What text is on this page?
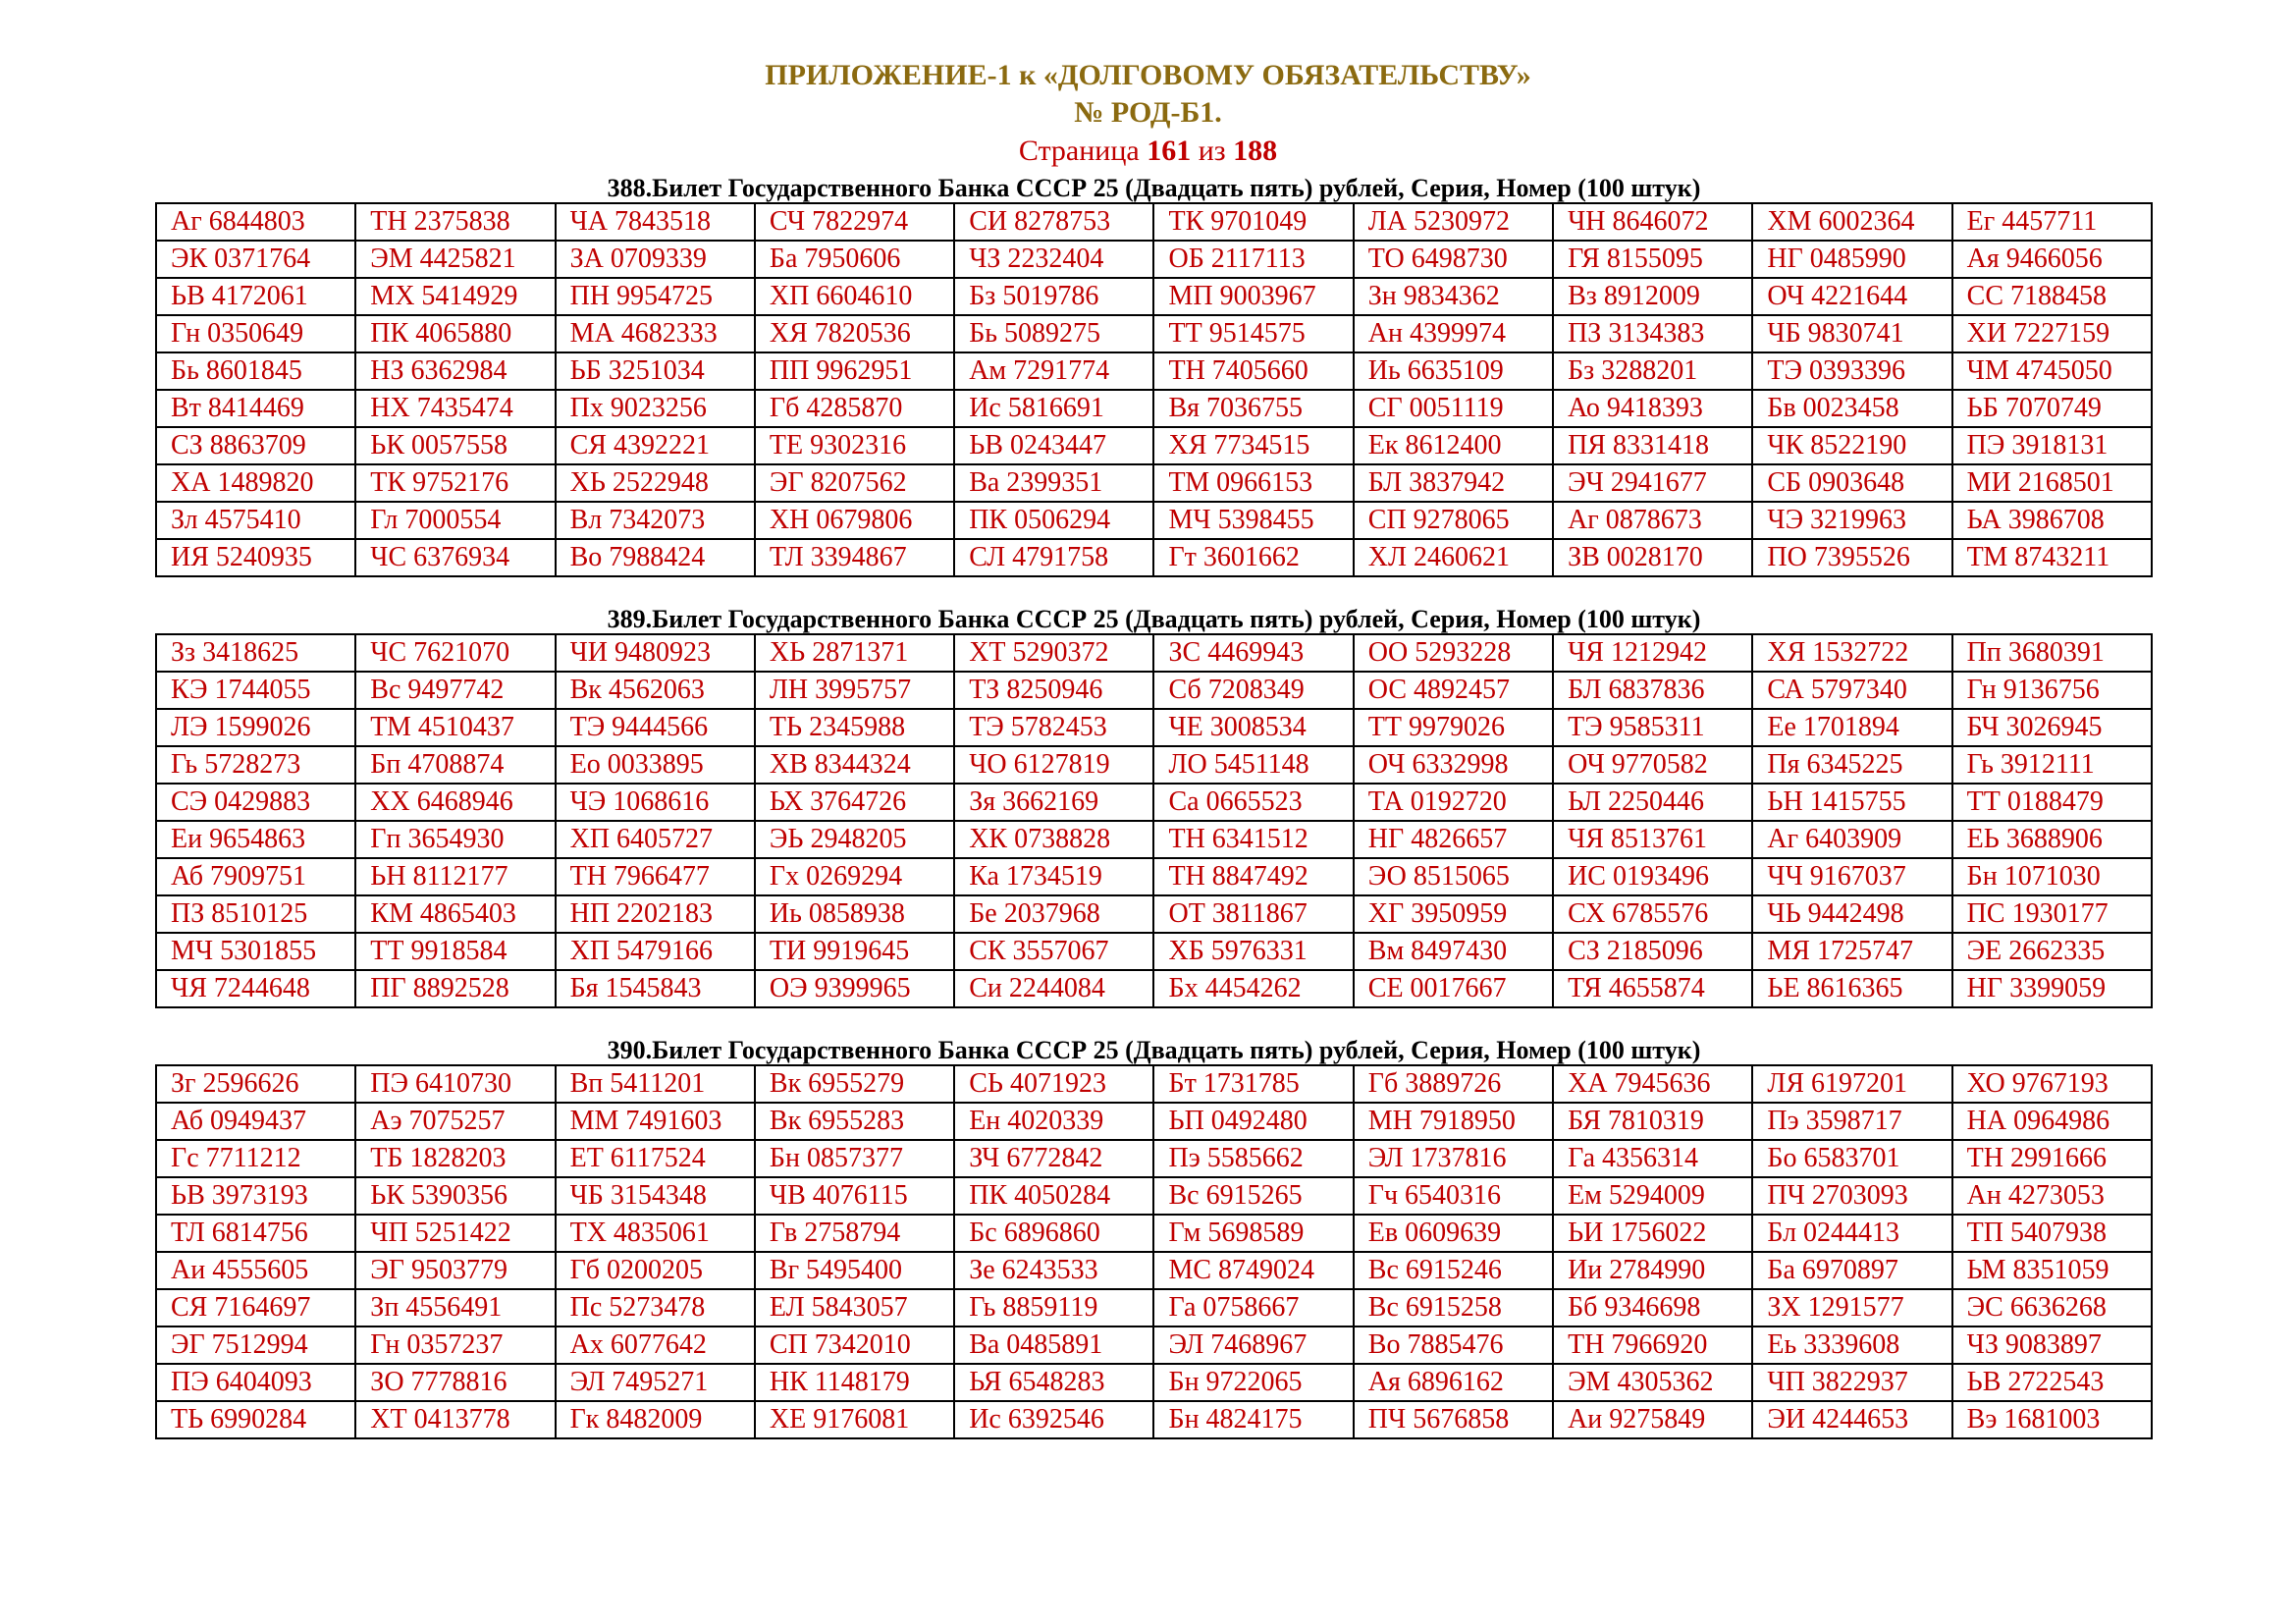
ПРИЛОЖЕНИЕ-1 к «ДОЛГОВОМУ ОБЯЗАТЕЛЬСТВУ»

№ РОД-Б1.

Страница 161 из 188

388.Билет Государственного Банка СССР 25 (Двадцать пять) рублей, Серия, Номер (100 штук)
Аг 6844803	ТН 2375838	ЧА 7843518	СЧ 7822974	СИ 8278753	ТК 9701049	ЛА 5230972	ЧН 8646072	ХМ 6002364	Ег 4457711
ЭК 0371764	ЭМ 4425821	ЗА 0709339	Ба 7950606	ЧЗ 2232404	ОБ 2117113	ТО 6498730	ГЯ 8155095	НГ 0485990	Ая 9466056
ЬВ 4172061	МХ 5414929	ПН 9954725	ХП 6604610	Бз 5019786	МП 9003967	Зн 9834362	Вз 8912009	ОЧ 4221644	СС 7188458
Гн 0350649	ПК 4065880	МА 4682333	ХЯ 7820536	Бь 5089275	ТТ 9514575	Ан 4399974	ПЗ 3134383	ЧБ 9830741	ХИ 7227159
Бь 8601845	НЗ 6362984	ЬБ 3251034	ПП 9962951	Ам 7291774	ТН 7405660	Иь 6635109	Бз 3288201	ТЭ 0393396	ЧМ 4745050
Вт 8414469	НХ 7435474	Пх 9023256	Гб 4285870	Ис 5816691	Вя 7036755	СГ 0051119	Ао 9418393	Бв 0023458	ЬБ 7070749
СЗ 8863709	ЬК 0057558	СЯ 4392221	ТЕ 9302316	ЬВ 0243447	ХЯ 7734515	Ек 8612400	ПЯ 8331418	ЧК 8522190	ПЭ 3918131
ХА 1489820	ТК 9752176	ХЬ 2522948	ЭГ 8207562	Ва 2399351	ТМ 0966153	БЛ 3837942	ЭЧ 2941677	СБ 0903648	МИ 2168501
Зл 4575410	Гл 7000554	Вл 7342073	ХН 0679806	ПК 0506294	МЧ 5398455	СП 9278065	Аг 0878673	ЧЭ 3219963	ЬА 3986708
ИЯ 5240935	ЧС 6376934	Во 7988424	ТЛ 3394867	СЛ 4791758	Гт 3601662	ХЛ 2460621	ЗВ 0028170	ПО 7395526	ТМ 8743211
389.Билет Государственного Банка СССР 25 (Двадцать пять) рублей, Серия, Номер (100 штук)
Зз 3418625	ЧС 7621070	ЧИ 9480923	ХЬ 2871371	ХТ 5290372	ЗС 4469943	ОО 5293228	ЧЯ 1212942	ХЯ 1532722	Пп 3680391
КЭ 1744055	Вс 9497742	Вк 4562063	ЛН 3995757	ТЗ 8250946	Сб 7208349	ОС 4892457	БЛ 6837836	СА 5797340	Гн 9136756
ЛЭ 1599026	ТМ 4510437	ТЭ 9444566	ТЬ 2345988	ТЭ 5782453	ЧЕ 3008534	ТТ 9979026	ТЭ 9585311	Ее 1701894	БЧ 3026945
Гь 5728273	Бп 4708874	Ео 0033895	ХВ 8344324	ЧО 6127819	ЛО 5451148	ОЧ 6332998	ОЧ 9770582	Пя 6345225	Гь 3912111
СЭ 0429883	ХХ 6468946	ЧЭ 1068616	ЬХ 3764726	Зя 3662169	Са 0665523	ТА 0192720	ЬЛ 2250446	ЬН 1415755	ТТ 0188479
Еи 9654863	Гп 3654930	ХП 6405727	ЭЬ 2948205	ХК 0738828	ТН 6341512	НГ 4826657	ЧЯ 8513761	Аг 6403909	ЕЬ 3688906
Аб 7909751	ЬН 8112177	ТН 7966477	Гх 0269294	Ка 1734519	ТН 8847492	ЭО 8515065	ИС 0193496	ЧЧ 9167037	Бн 1071030
ПЗ 8510125	КМ 4865403	НП 2202183	Иь 0858938	Бе 2037968	ОТ 3811867	ХГ 3950959	СХ 6785576	ЧЬ 9442498	ПС 1930177
МЧ 5301855	ТТ 9918584	ХП 5479166	ТИ 9919645	СК 3557067	ХБ 5976331	Вм 8497430	СЗ 2185096	МЯ 1725747	ЭЕ 2662335
ЧЯ 7244648	ПГ 8892528	Бя 1545843	ОЭ 9399965	Си 2244084	Бх 4454262	СЕ 0017667	ТЯ 4655874	ЬЕ 8616365	НГ 3399059
390.Билет Государственного Банка СССР 25 (Двадцать пять) рублей, Серия, Номер (100 штук)
Зг 2596626	ПЭ 6410730	Вп 5411201	Вк 6955279	СЬ 4071923	Бт 1731785	Гб 3889726	ХА 7945636	ЛЯ 6197201	ХО 9767193
Аб 0949437	Аэ 7075257	ММ 7491603	Вк 6955283	Ен 4020339	ЬП 0492480	МН 7918950	БЯ 7810319	Пэ 3598717	НА 0964986
Гс 7711212	ТБ 1828203	ЕТ 6117524	Бн 0857377	ЗЧ 6772842	Пэ 5585662	ЭЛ 1737816	Га 4356314	Бо 6583701	ТН 2991666
ЬВ 3973193	ЬК 5390356	ЧБ 3154348	ЧВ 4076115	ПК 4050284	Вс 6915265	Гч 6540316	Ем 5294009	ПЧ 2703093	Ан 4273053
ТЛ 6814756	ЧП 5251422	ТХ 4835061	Гв 2758794	Бс 6896860	Гм 5698589	Ев 0609639	ЬИ 1756022	Бл 0244413	ТП 5407938
Аи 4555605	ЭГ 9503779	Гб 0200205	Вг 5495400	Зе 6243533	МС 8749024	Вс 6915246	Ии 2784990	Ба 6970897	ЬМ 8351059
СЯ 7164697	Зп 4556491	Пс 5273478	ЕЛ 5843057	Гь 8859119	Га 0758667	Вс 6915258	Бб 9346698	ЗХ 1291577	ЭС 6636268
ЭГ 7512994	Гн 0357237	Ах 6077642	СП 7342010	Ва 0485891	ЭЛ 7468967	Во 7885476	ТН 7966920	Еь 3339608	ЧЗ 9083897
ПЭ 6404093	ЗО 7778816	ЭЛ 7495271	НК 1148179	ЬЯ 6548283	Бн 9722065	Ая 6896162	ЭМ 4305362	ЧП 3822937	ЬВ 2722543
ТЬ 6990284	ХТ 0413778	Гк 8482009	ХЕ 9176081	Ис 6392546	Бн 4824175	ПЧ 5676858	Аи 9275849	ЭИ 4244653	Вэ 1681003
